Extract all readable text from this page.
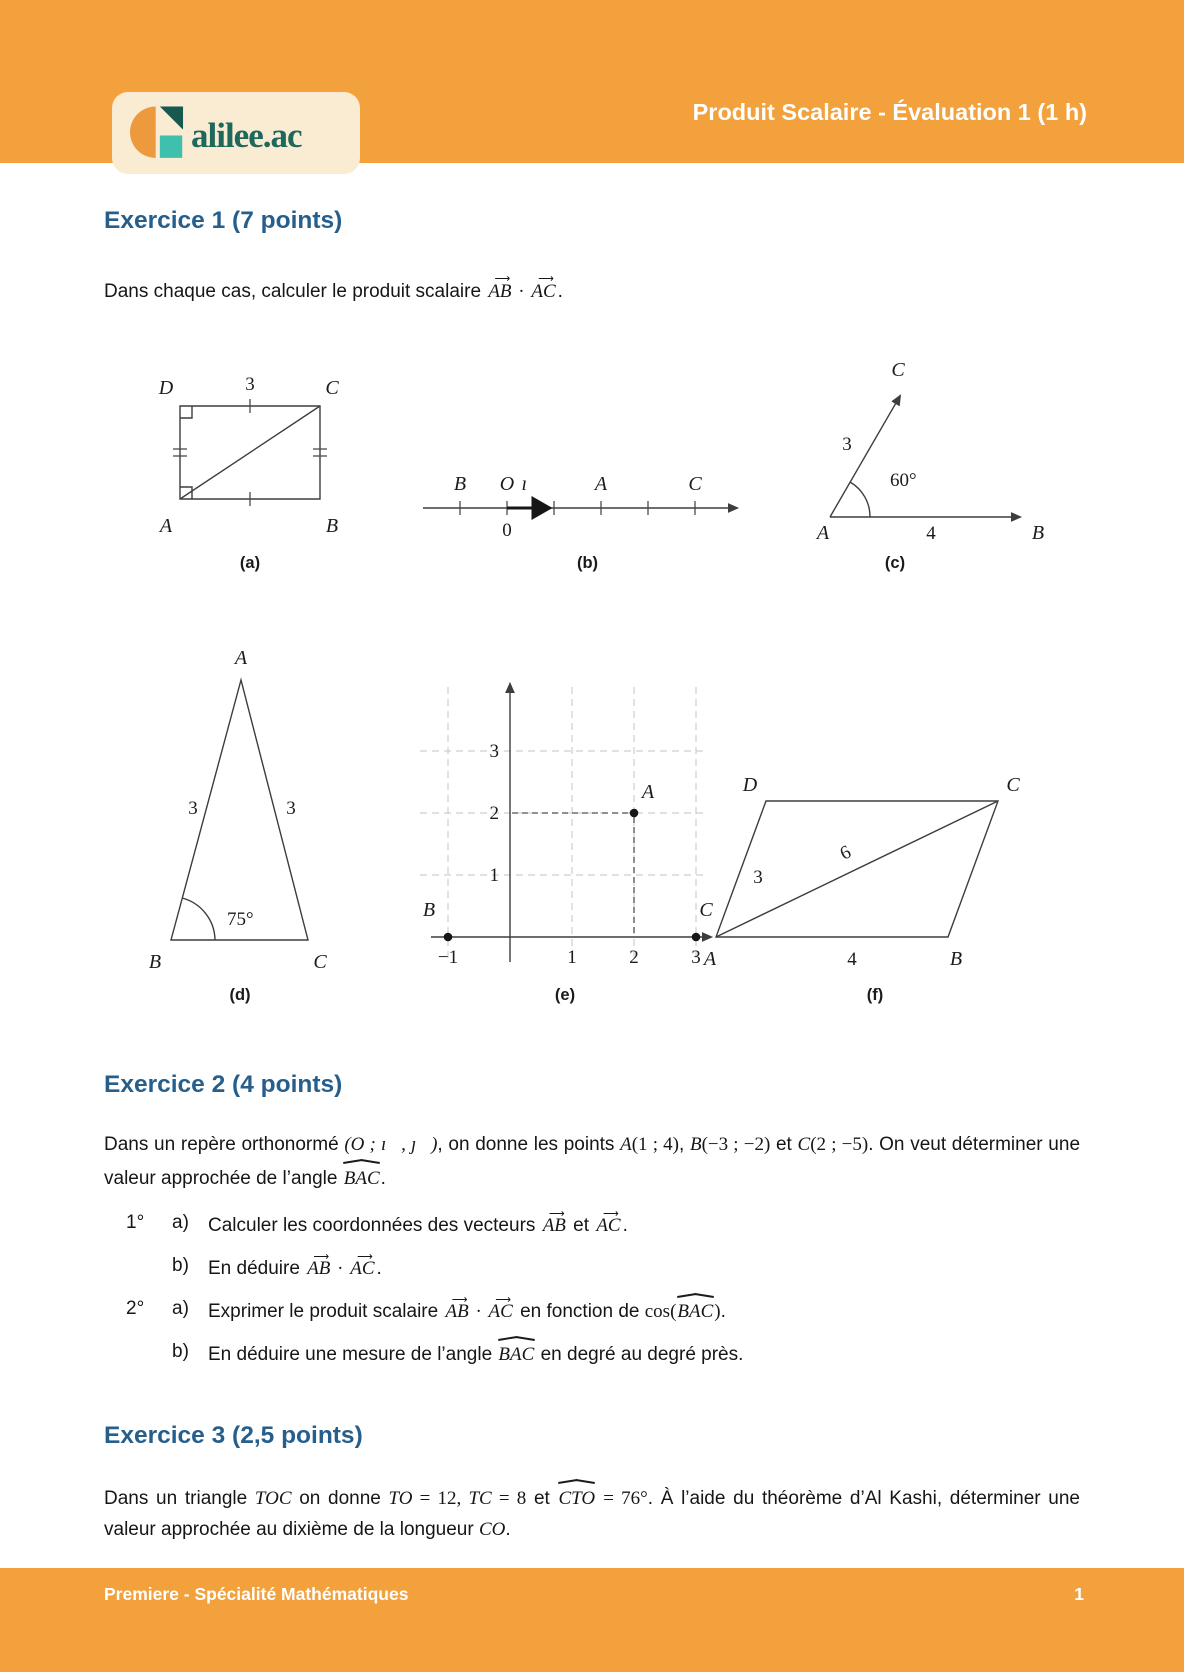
alilee.ac
Produit Scalaire - Évaluation 1 (1 h)
Exercice 1 (7 points)

Dans chaque cas, calculer le produit scalaire AB ⟶ · AC ⟶ .

D	3	C
A	B
(a)
B O ı⃗	A	C
0
(b)
C
3
60°
A	4	B
(c)
A
3	3
75°
B	C
(d)
A
B	C
3
2
1
−1	1	2	3
(e)
D	C
3
6
A	4	B
(f)
Exercice 2 (4 points)

Dans un repère orthonormé (O ; ı⃗, ȷ⃗), on donne les points A(1 ; 4), B(−3 ; −2) et C(2 ; −5). On veut déterminer une valeur approchée de l’angle BAC.

1°	a)	Calculer les coordonnées des vecteurs AB ⟶ et AC ⟶ .
b)	En déduire AB ⟶ · AC ⟶ .
2°	a)	Exprimer le produit scalaire AB ⟶ · AC ⟶ en fonction de cos(BAC).
b)	En déduire une mesure de l’angle BAC en degré au degré près.
Exercice 3 (2,5 points)

Dans un triangle TOC on donne TO = 12, TC = 8 et CTO = 76°. À l’aide du théorème d’Al Kashi, déterminer une valeur approchée au dixième de la longueur CO.

Premiere - Spécialité Mathématiques	1
